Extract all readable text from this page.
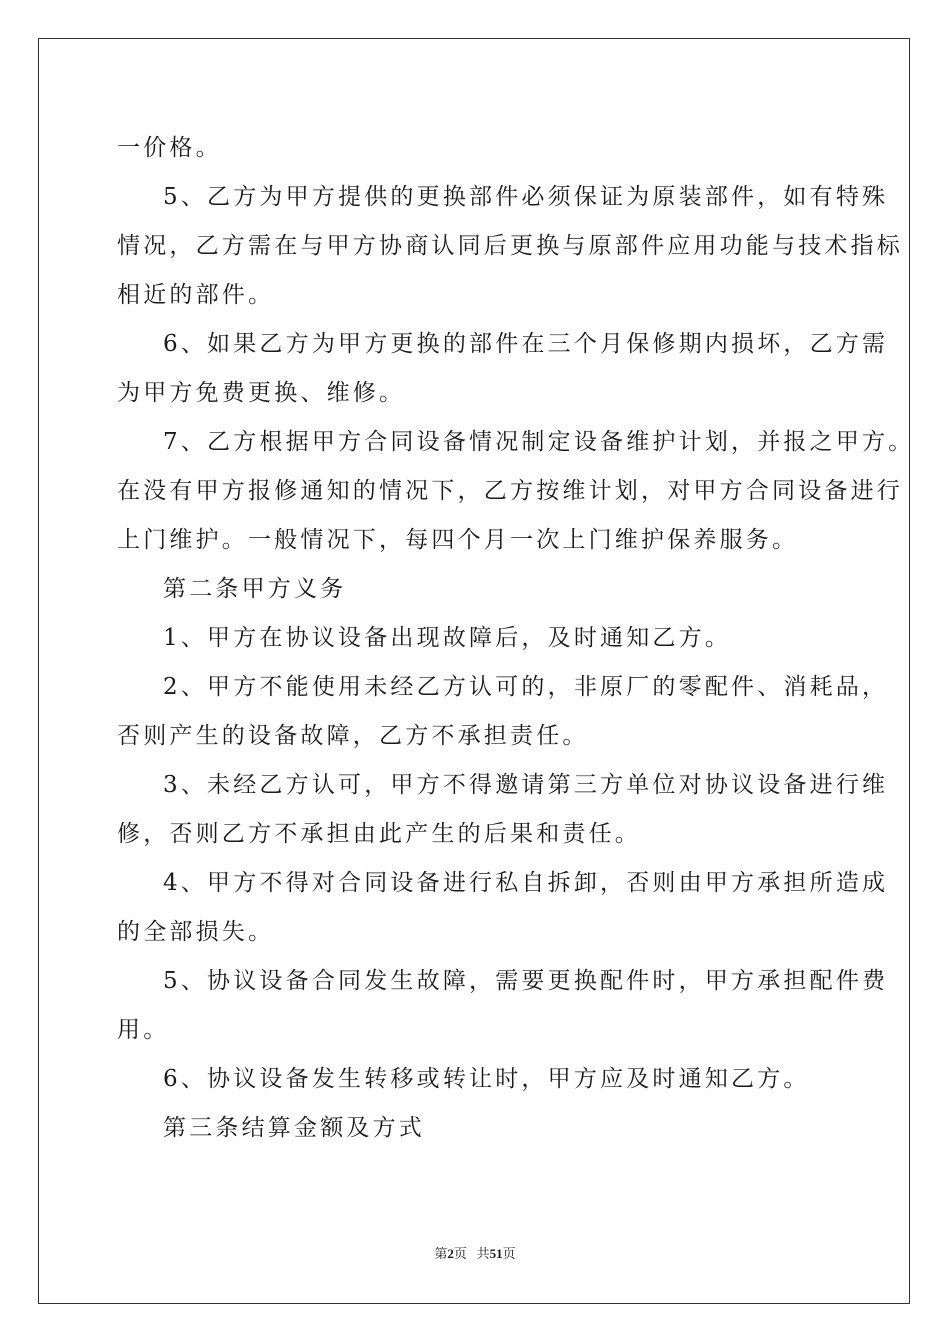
一价格。
5、乙方为甲方提供的更换部件必须保证为原装部件，如有特殊
情况，乙方需在与甲方协商认同后更换与原部件应用功能与技术指标
相近的部件。
6、如果乙方为甲方更换的部件在三个月保修期内损坏，乙方需
为甲方免费更换、维修。
7、乙方根据甲方合同设备情况制定设备维护计划，并报之甲方。
在没有甲方报修通知的情况下，乙方按维计划，对甲方合同设备进行
上门维护。一般情况下，每四个月一次上门维护保养服务。
第二条甲方义务
1、甲方在协议设备出现故障后，及时通知乙方。
2、甲方不能使用未经乙方认可的，非原厂的零配件、消耗品，
否则产生的设备故障，乙方不承担责任。
3、未经乙方认可，甲方不得邀请第三方单位对协议设备进行维
修，否则乙方不承担由此产生的后果和责任。
4、甲方不得对合同设备进行私自拆卸，否则由甲方承担所造成
的全部损失。
5、协议设备合同发生故障，需要更换配件时，甲方承担配件费
用。
6、协议设备发生转移或转让时，甲方应及时通知乙方。
第三条结算金额及方式
第2页 共51页
